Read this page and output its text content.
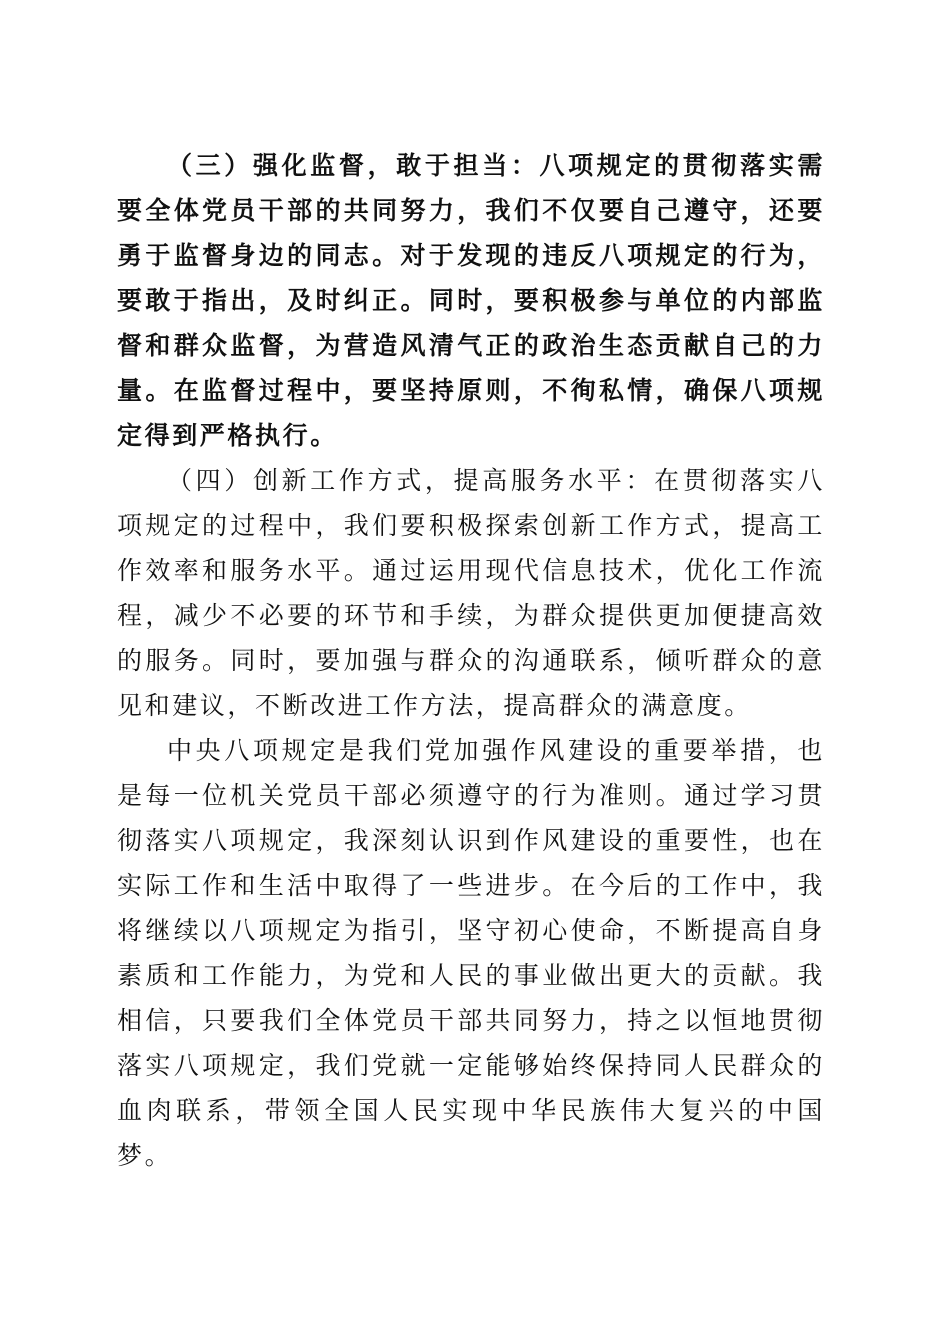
（三）强化监督，敢于担当：八项规定的贯彻落实需要全体党员干部的共同努力，我们不仅要自己遵守，还要勇于监督身边的同志。对于发现的违反八项规定的行为，要敢于指出，及时纠正。同时，要积极参与单位的内部监督和群众监督，为营造风清气正的政治生态贡献自己的力量。在监督过程中，要坚持原则，不徇私情，确保八项规定得到严格执行。

（四）创新工作方式，提高服务水平：在贯彻落实八项规定的过程中，我们要积极探索创新工作方式，提高工作效率和服务水平。通过运用现代信息技术，优化工作流程，减少不必要的环节和手续，为群众提供更加便捷高效的服务。同时，要加强与群众的沟通联系，倾听群众的意见和建议，不断改进工作方法，提高群众的满意度。

中央八项规定是我们党加强作风建设的重要举措，也是每一位机关党员干部必须遵守的行为准则。通过学习贯彻落实八项规定，我深刻认识到作风建设的重要性，也在实际工作和生活中取得了一些进步。在今后的工作中，我将继续以八项规定为指引，坚守初心使命，不断提高自身素质和工作能力，为党和人民的事业做出更大的贡献。我相信，只要我们全体党员干部共同努力，持之以恒地贯彻落实八项规定，我们党就一定能够始终保持同人民群众的血肉联系，带领全国人民实现中华民族伟大复兴的中国梦。
